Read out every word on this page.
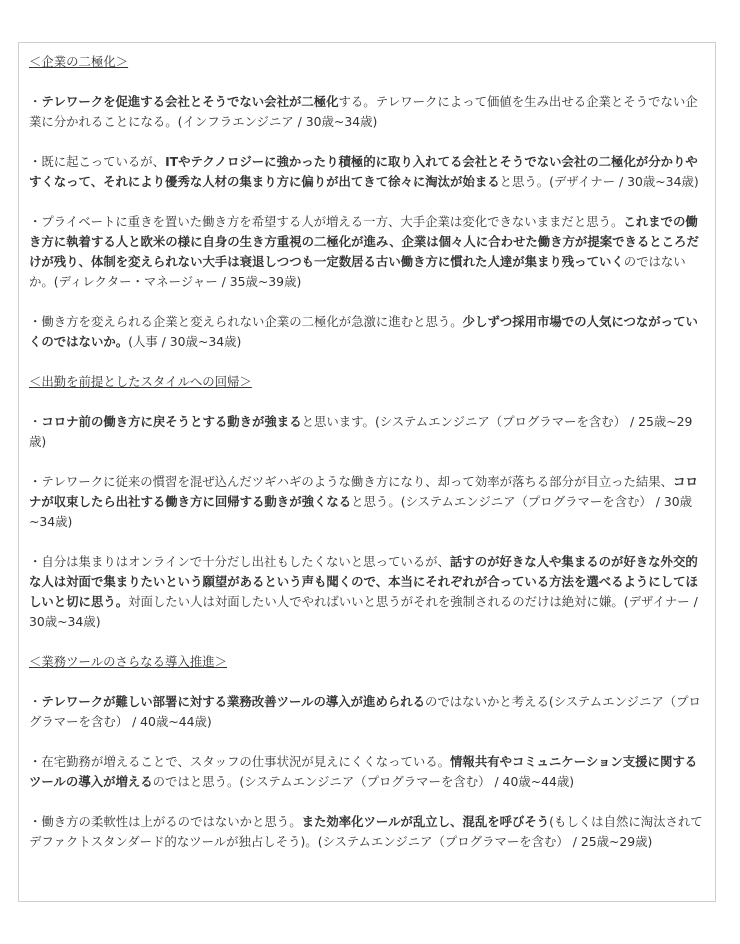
＜企業の二極化＞

・テレワークを促進する会社とそうでない会社が二極化する。テレワークによって価値を生み出せる企業とそうでない企業に分かれることになる。(インフラエンジニア / 30歳~34歳)

・既に起こっているが、ITやテクノロジーに強かったり積極的に取り入れてる会社とそうでない会社の二極化が分かりやすくなって、それにより優秀な人材の集まり方に偏りが出てきて徐々に淘汰が始まると思う。(デザイナー / 30歳~34歳)

・プライベートに重きを置いた働き方を希望する人が増える一方、大手企業は変化できないままだと思う。これまでの働き方に執着する人と欧米の様に自身の生き方重視の二極化が進み、企業は個々人に合わせた働き方が提案できるところだけが残り、体制を変えられない大手は衰退しつつも一定数居る古い働き方に慣れた人達が集まり残っていくのではないか。(ディレクター・マネージャー / 35歳~39歳)

・働き方を変えられる企業と変えられない企業の二極化が急激に進むと思う。少しずつ採用市場での人気につながっていくのではないか。(人事 / 30歳~34歳)

＜出勤を前提としたスタイルへの回帰＞

・コロナ前の働き方に戻そうとする動きが強まると思います。(システムエンジニア（プログラマーを含む） / 25歳~29歳)

・テレワークに従来の慣習を混ぜ込んだツギハギのような働き方になり、却って効率が落ちる部分が目立った結果、コロナが収束したら出社する働き方に回帰する動きが強くなると思う。(システムエンジニア（プログラマーを含む） / 30歳~34歳)

・自分は集まりはオンラインで十分だし出社もしたくないと思っているが、話すのが好きな人や集まるのが好きな外交的な人は対面で集まりたいという願望があるという声も聞くので、本当にそれぞれが合っている方法を選べるようにしてほしいと切に思う。対面したい人は対面したい人でやればいいと思うがそれを強制されるのだけは絶対に嫌。(デザイナー / 30歳~34歳)

＜業務ツールのさらなる導入推進＞

・テレワークが難しい部署に対する業務改善ツールの導入が進められるのではないかと考える(システムエンジニア（プログラマーを含む） / 40歳~44歳)

・在宅勤務が増えることで、スタッフの仕事状況が見えにくくなっている。情報共有やコミュニケーション支援に関するツールの導入が増えるのではと思う。(システムエンジニア（プログラマーを含む） / 40歳~44歳)

・働き方の柔軟性は上がるのではないかと思う。また効率化ツールが乱立し、混乱を呼びそう(もしくは自然に淘汰されてデファクトスタンダード的なツールが独占しそう)。(システムエンジニア（プログラマーを含む） / 25歳~29歳)
